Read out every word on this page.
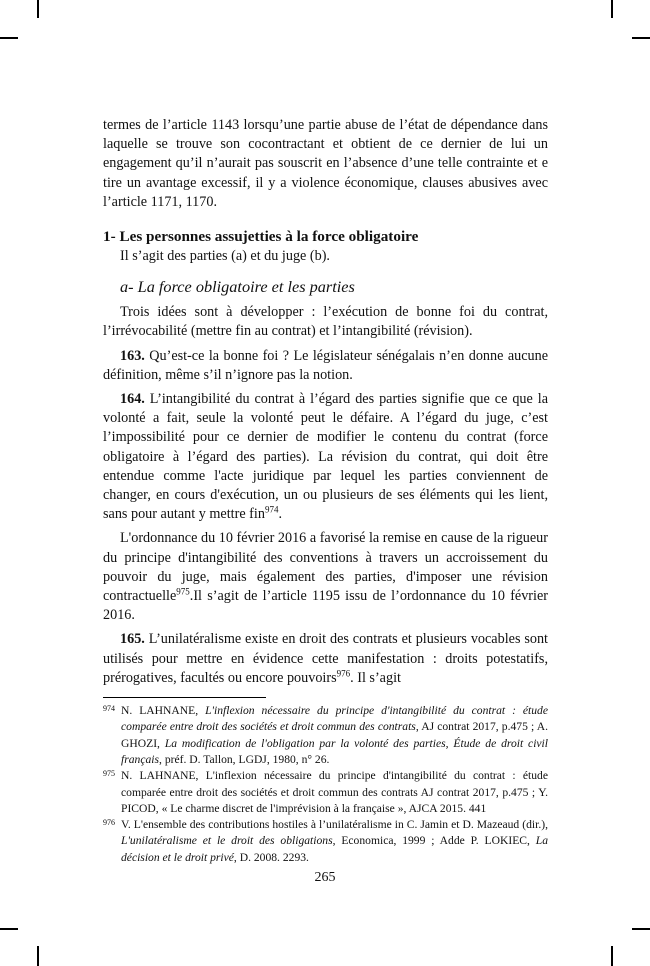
termes de l’article 1143 lorsqu’une partie abuse de l’état de dépendance dans laquelle se trouve son cocontractant et obtient de ce dernier de lui un engagement qu’il n’aurait pas souscrit en l’absence d’une telle contrainte et e tire un avantage excessif, il y a violence économique, clauses abusives avec l’article 1171, 1170.

1- Les personnes assujetties à la force obligatoire

Il s’agit des parties (a) et du juge (b).

a- La force obligatoire et les parties

Trois idées sont à développer : l’exécution de bonne foi du contrat, l’irrévocabilité (mettre fin au contrat) et l’intangibilité (révision).

163. Qu’est-ce la bonne foi ? Le législateur sénégalais n’en donne aucune définition, même s’il n’ignore pas la notion.

164. L’intangibilité du contrat à l’égard des parties signifie que ce que la volonté a fait, seule la volonté peut le défaire. A l’égard du juge, c’est l’impossibilité pour ce dernier de modifier le contenu du contrat (force obligatoire à l’égard des parties). La révision du contrat, qui doit être entendue comme l'acte juridique par lequel les parties conviennent de changer, en cours d'exécution, un ou plusieurs de ses éléments qui les lient, sans pour autant y mettre fin$^{974}$.

L'ordonnance du 10 février 2016 a favorisé la remise en cause de la rigueur du principe d'intangibilité des conventions à travers un accroissement du pouvoir du juge, mais également des parties, d'imposer une révision contractuelle$^{975}$.Il s’agit de l’article 1195 issu de l’ordonnance du 10 février 2016.

165. L’unilatéralisme existe en droit des contrats et plusieurs vocables sont utilisés pour mettre en évidence cette manifestation : droits potestatifs, prérogatives, facultés ou encore pouvoirs$^{976}$. Il s’agit

974 N. LAHNANE, L'inflexion nécessaire du principe d'intangibilité du contrat : étude comparée entre droit des sociétés et droit commun des contrats, AJ contrat 2017, p.475 ; A. GHOZI, La modification de l'obligation par la volonté des parties, Étude de droit civil français, préf. D. Tallon, LGDJ, 1980, n° 26.
975 N. LAHNANE, L'inflexion nécessaire du principe d'intangibilité du contrat : étude comparée entre droit des sociétés et droit commun des contrats AJ contrat 2017, p.475 ; Y. PICOD, « Le charme discret de l'imprévision à la française », AJCA 2015. 441
976 V. L'ensemble des contributions hostiles à l’unilatéralisme in C. Jamin et D. Mazeaud (dir.), L'unilatéralisme et le droit des obligations, Economica, 1999 ; Adde P. LOKIEC, La décision et le droit privé, D. 2008. 2293.
265
